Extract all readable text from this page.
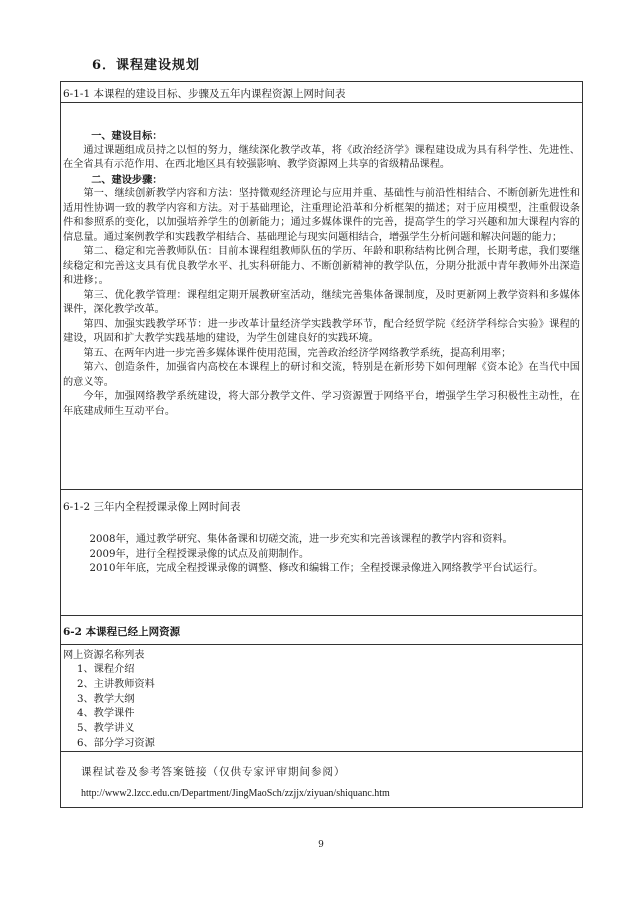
6．课程建设规划
6-1-1 本课程的建设目标、步骤及五年内课程资源上网时间表

一、建设目标：

通过课题组成员持之以恒的努力，继续深化教学改革，将《政治经济学》课程建设成为具有科学性、先进性、在全省具有示范作用、在西北地区具有较强影响、教学资源网上共享的省级精品课程。

二、建设步骤：

第一、继续创新教学内容和方法：坚持微观经济理论与应用并重、基础性与前沿性相结合、不断创新先进性和适用性协调一致的教学内容和方法。对于基础理论，注重理论沿革和分析框架的描述；对于应用模型，注重假设条件和参照系的变化，以加强培养学生的创新能力；通过多媒体课件的完善，提高学生的学习兴趣和加大课程内容的信息量。通过案例教学和实践教学相结合、基础理论与现实问题相结合，增强学生分析问题和解决问题的能力；

第二、稳定和完善教师队伍：目前本课程组教师队伍的学历、年龄和职称结构比例合理，长期考虑，我们要继续稳定和完善这支具有优良教学水平、扎实科研能力、不断创新精神的教学队伍，分期分批派中青年教师外出深造和进修；。

第三、优化教学管理：课程组定期开展教研室活动，继续完善集体备课制度，及时更新网上教学资料和多媒体课件，深化教学改革。

第四、加强实践教学环节：进一步改革计量经济学实践教学环节，配合经贸学院《经济学科综合实验》课程的建设，巩固和扩大教学实践基地的建设，为学生创建良好的实践环境。

第五、在两年内进一步完善多媒体课件使用范围，完善政治经济学网络教学系统，提高利用率；

第六、创造条件，加强省内高校在本课程上的研讨和交流，特别是在新形势下如何理解《资本论》在当代中国的意义等。

今年，加强网络教学系统建设，将大部分教学文件、学习资源置于网络平台，增强学生学习积极性主动性，在年底建成师生互动平台。

6-1-2 三年内全程授课录像上网时间表

2008年，通过教学研究、集体备课和切磋交流，进一步充实和完善该课程的教学内容和资料。

2009年，进行全程授课录像的试点及前期制作。

2010年年底，完成全程授课录像的调整、修改和编辑工作；全程授课录像进入网络教学平台试运行。

6-2 本课程已经上网资源
网上资源名称列表
1、课程介绍
2、主讲教师资料
3、教学大纲
4、教学课件
5、教学讲义
6、部分学习资源
课程试卷及参考答案链接（仅供专家评审期间参阅）
http://www2.lzcc.edu.cn/Department/JingMaoSch/zzjjx/ziyuan/shiquanc.htm
9
